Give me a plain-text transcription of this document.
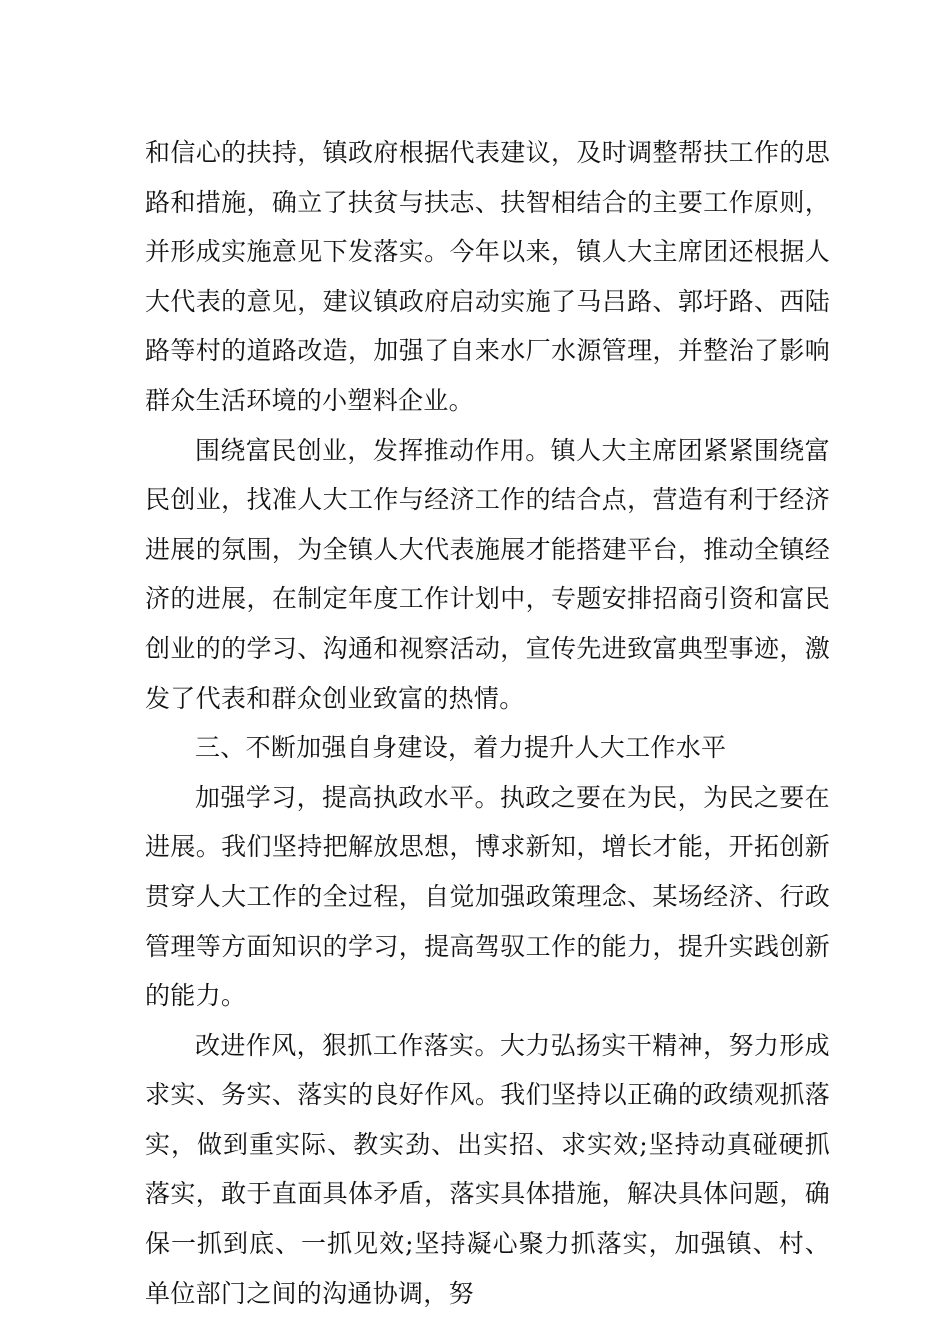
和信心的扶持，镇政府根据代表建议，及时调整帮扶工作的思路和措施，确立了扶贫与扶志、扶智相结合的主要工作原则，并形成实施意见下发落实。今年以来，镇人大主席团还根据人大代表的意见，建议镇政府启动实施了马吕路、郭圩路、西陆路等村的道路改造，加强了自来水厂水源管理，并整治了影响群众生活环境的小塑料企业。

围绕富民创业，发挥推动作用。镇人大主席团紧紧围绕富民创业，找准人大工作与经济工作的结合点，营造有利于经济进展的氛围，为全镇人大代表施展才能搭建平台，推动全镇经济的进展，在制定年度工作计划中，专题安排招商引资和富民创业的的学习、沟通和视察活动，宣传先进致富典型事迹，激发了代表和群众创业致富的热情。

三、不断加强自身建设，着力提升人大工作水平

加强学习，提高执政水平。执政之要在为民，为民之要在进展。我们坚持把解放思想，博求新知，增长才能，开拓创新贯穿人大工作的全过程，自觉加强政策理念、某场经济、行政管理等方面知识的学习，提高驾驭工作的能力，提升实践创新的能力。

改进作风，狠抓工作落实。大力弘扬实干精神，努力形成求实、务实、落实的良好作风。我们坚持以正确的政绩观抓落实，做到重实际、教实劲、出实招、求实效;坚持动真碰硬抓落实，敢于直面具体矛盾，落实具体措施，解决具体问题，确保一抓到底、一抓见效;坚持凝心聚力抓落实，加强镇、村、单位部门之间的沟通协调，努
